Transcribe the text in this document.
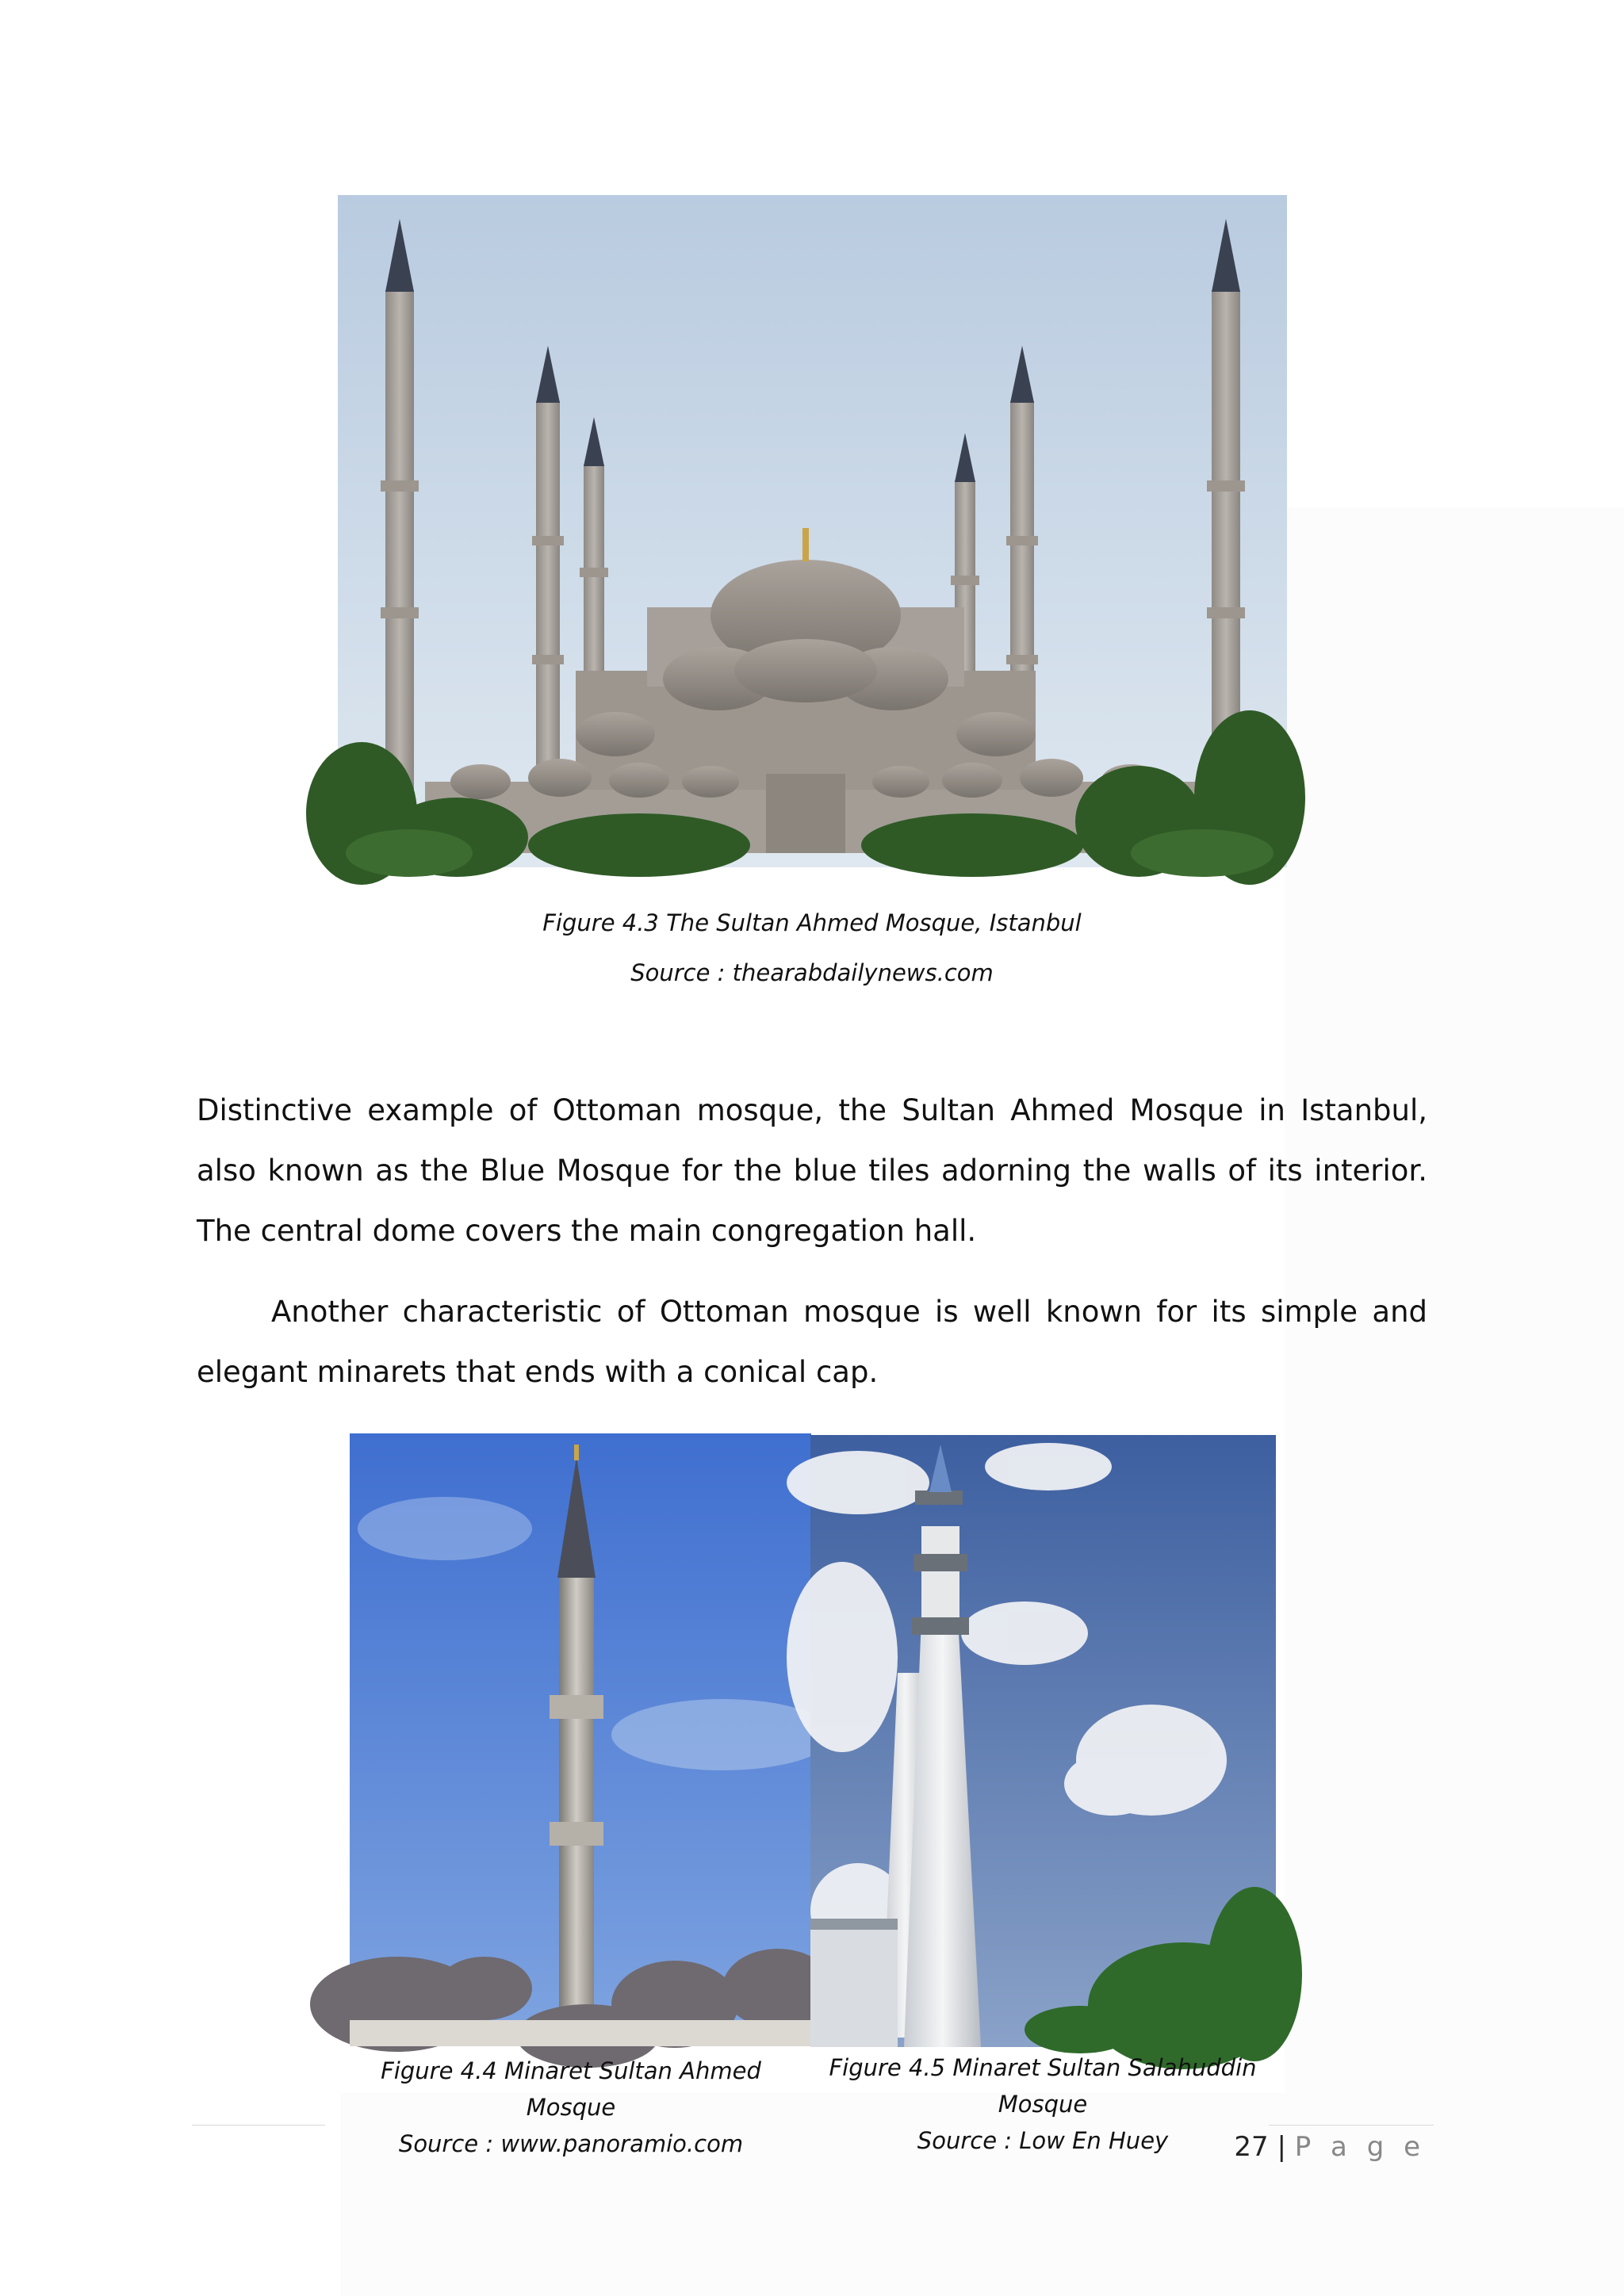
Figure 4.3 The Sultan Ahmed Mosque, Istanbul
Source : thearabdailynews.com

Distinctive example of Ottoman mosque, the Sultan Ahmed Mosque in Istanbul, also known as the Blue Mosque for the blue tiles adorning the walls of its interior. The central dome covers the main congregation hall.

Another characteristic of Ottoman mosque is well known for its simple and elegant minarets that ends with a conical cap.

Figure 4.4 Minaret Sultan Ahmed
Mosque
Source : www.panoramio.com
Figure 4.5 Minaret Sultan Salahuddin
Mosque
Source : Low En Huey	27 | P a g e
